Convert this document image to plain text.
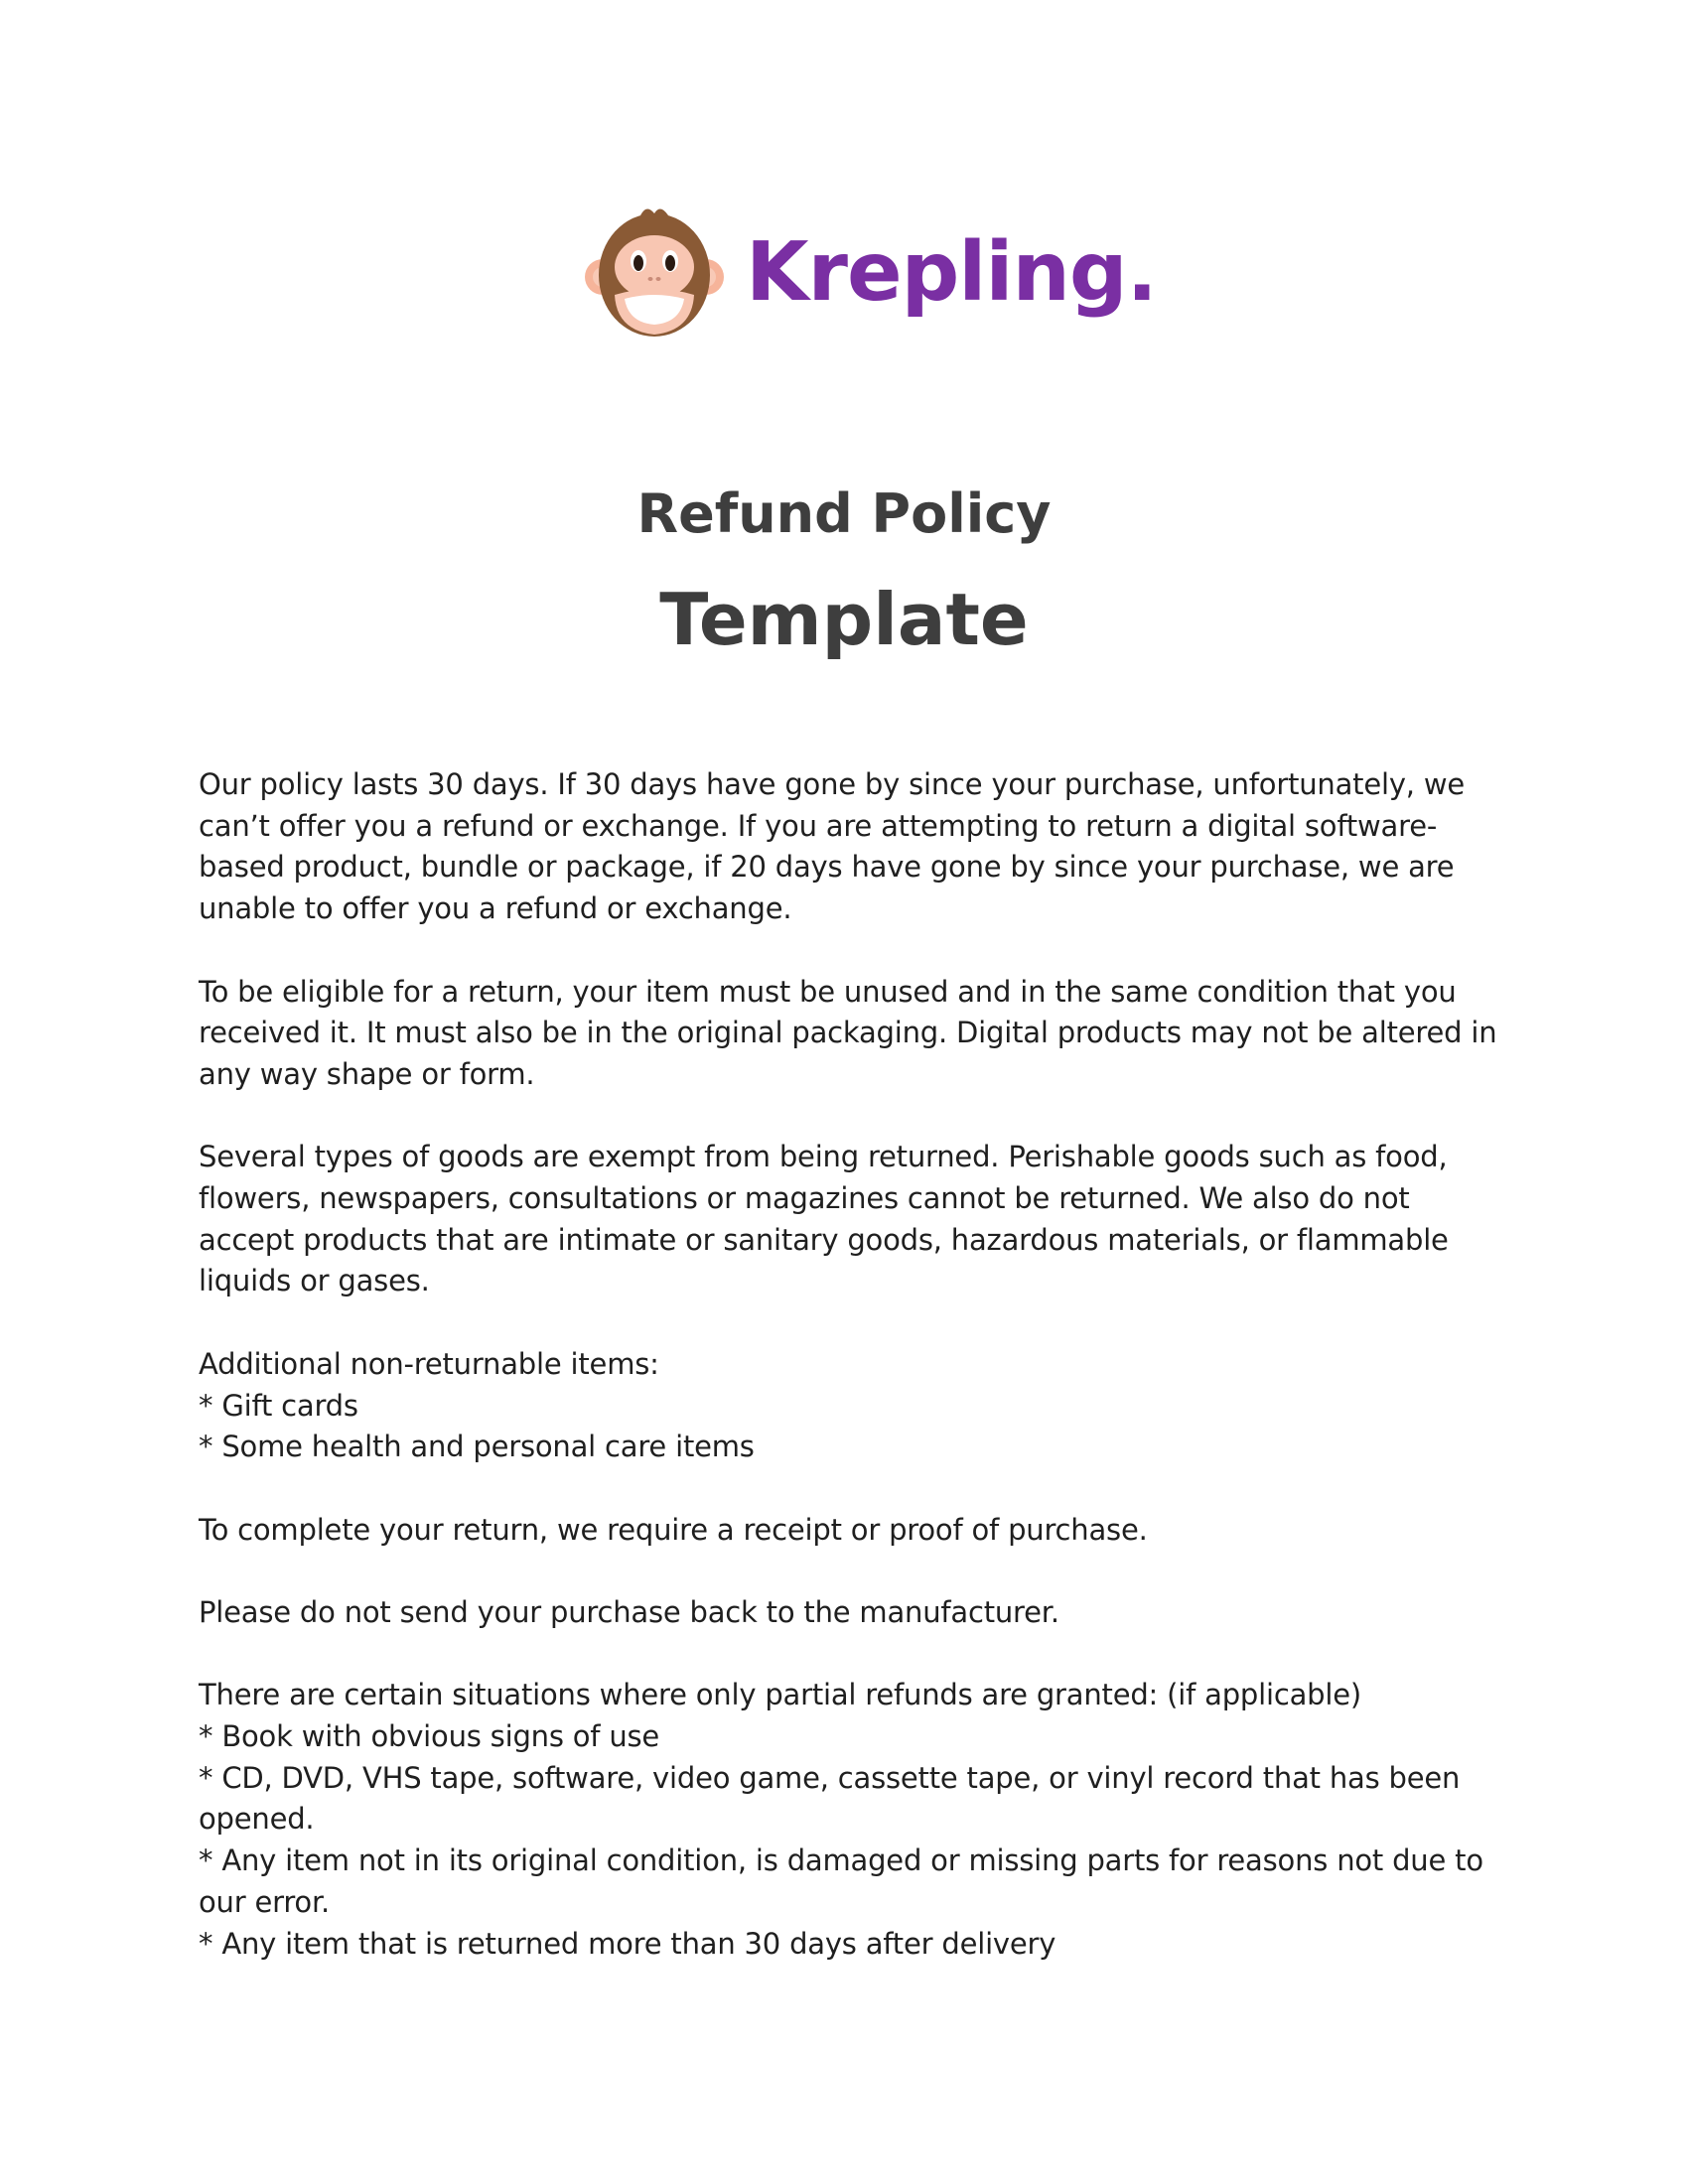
Krepling.
Refund Policy
Template

Our policy lasts 30 days. If 30 days have gone by since your purchase, unfortunately, we can’t offer you a refund or exchange. If you are attempting to return a digital software-based product, bundle or package, if 20 days have gone by since your purchase, we are unable to offer you a refund or exchange.

To be eligible for a return, your item must be unused and in the same condition that you received it. It must also be in the original packaging. Digital products may not be altered in any way shape or form.

Several types of goods are exempt from being returned. Perishable goods such as food, flowers, newspapers, consultations or magazines cannot be returned. We also do not accept products that are intimate or sanitary goods, hazardous materials, or flammable liquids or gases.

Additional non-returnable items:
* Gift cards
* Some health and personal care items

To complete your return, we require a receipt or proof of purchase.

Please do not send your purchase back to the manufacturer.

There are certain situations where only partial refunds are granted: (if applicable)
* Book with obvious signs of use
* CD, DVD, VHS tape, software, video game, cassette tape, or vinyl record that has been opened.
* Any item not in its original condition, is damaged or missing parts for reasons not due to our error.
* Any item that is returned more than 30 days after delivery
